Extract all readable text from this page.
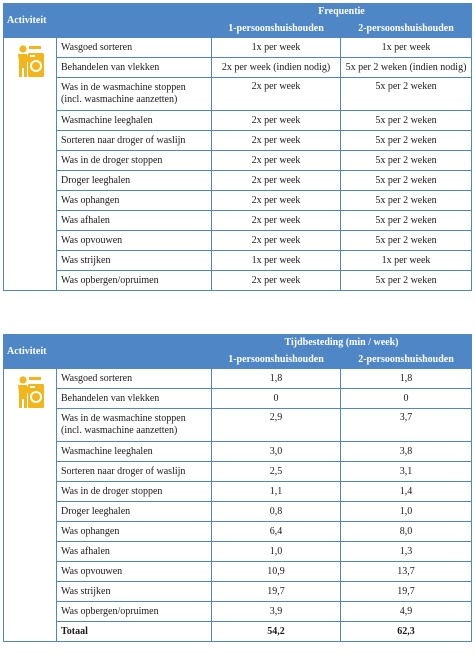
Activiteit		Frequentie	
		1-persoonshuishouden	2-persoonshuishouden

	Wasgoed sorteren	1x per week	1x per week
	Behandelen van vlekken	2x per week (indien nodig)	5x per 2 weken (indien nodig)
	Was in de wasmachine stoppen (incl. wasmachine aanzetten)	2x per week	5x per 2 weken
	Wasmachine leeghalen	2x per week	5x per 2 weken
	Sorteren naar droger of waslijn	2x per week	5x per 2 weken
	Was in de droger stoppen	2x per week	5x per 2 weken
	Droger leeghalen	2x per week	5x per 2 weken
	Was ophangen	2x per week	5x per 2 weken
	Was afhalen	2x per week	5x per 2 weken
	Was opvouwen	2x per week	5x per 2 weken
	Was strijken	1x per week	1x per week
	Was opbergen/opruimen	2x per week	5x per 2 weken
Activiteit		Tijdbesteding (min / week)	
		1-persoonshuishouden	2-persoonshuishouden

	Wasgoed sorteren	1,8	1,8
	Behandelen van vlekken	0	0
	Was in de wasmachine stoppen (incl. wasmachine aanzetten)	2,9	3,7
	Wasmachine leeghalen	3,0	3,8
	Sorteren naar droger of waslijn	2,5	3,1
	Was in de droger stoppen	1,1	1,4
	Droger leeghalen	0,8	1,0
	Was ophangen	6,4	8,0
	Was afhalen	1,0	1,3
	Was opvouwen	10,9	13,7
	Was strijken	19,7	19,7
	Was opbergen/opruimen	3,9	4,9
	Totaal	54,2	62,3
